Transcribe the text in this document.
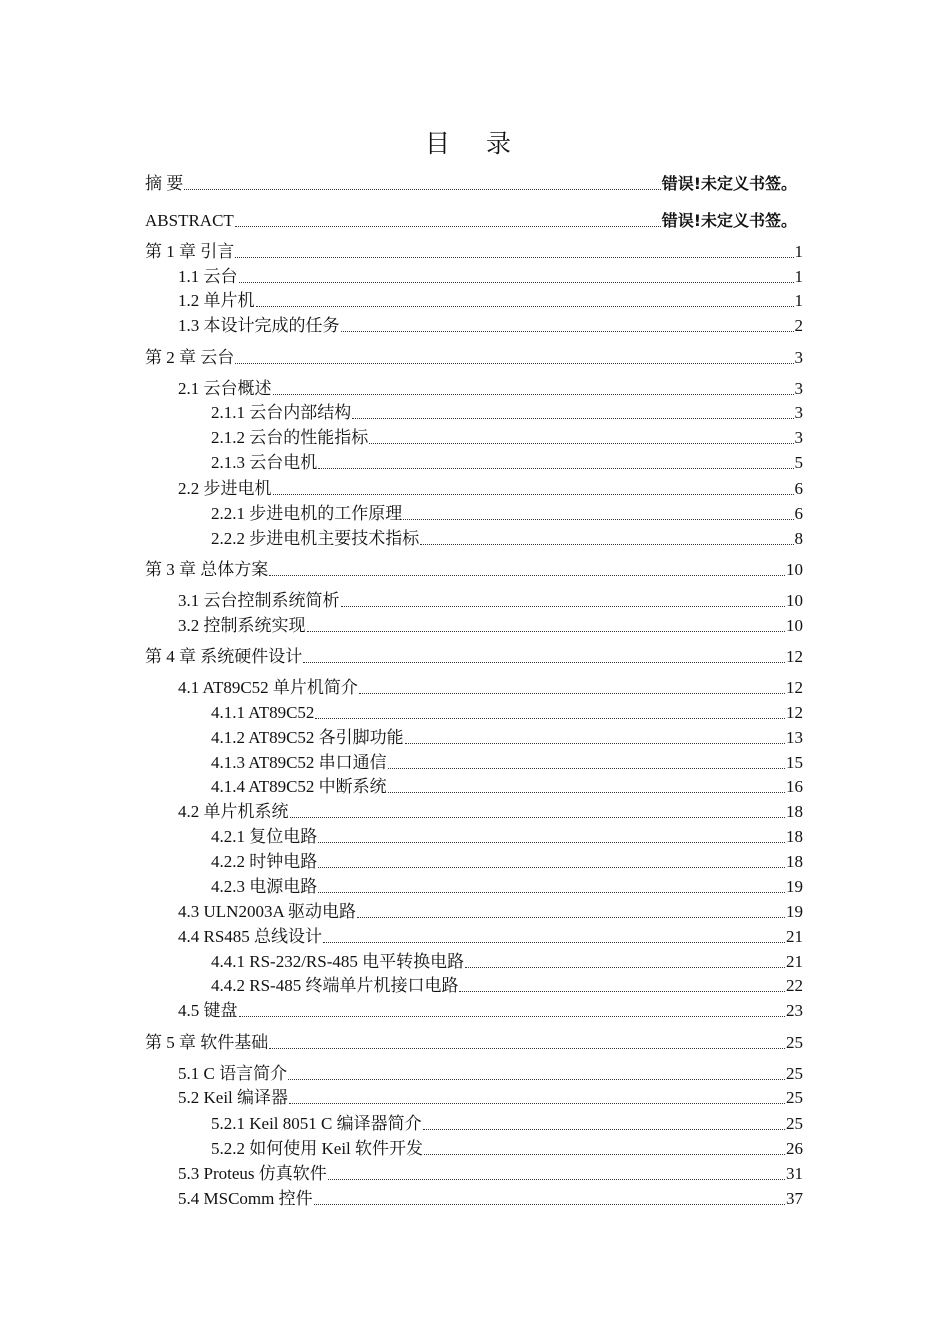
目 录
摘 要	错误!未定义书签。
ABSTRACT	错误!未定义书签。
第 1 章 引言	1
1.1 云台	1
1.2 单片机	1
1.3 本设计完成的任务	2
第 2 章 云台	3
2.1 云台概述	3
2.1.1 云台内部结构	3
2.1.2 云台的性能指标	3
2.1.3 云台电机	5
2.2 步进电机	6
2.2.1 步进电机的工作原理	6
2.2.2 步进电机主要技术指标	8
第 3 章 总体方案	10
3.1 云台控制系统简析	10
3.2 控制系统实现	10
第 4 章 系统硬件设计	12
4.1 AT89C52 单片机简介	12
4.1.1 AT89C52	12
4.1.2 AT89C52 各引脚功能	13
4.1.3 AT89C52 串口通信	15
4.1.4 AT89C52 中断系统	16
4.2 单片机系统	18
4.2.1 复位电路	18
4.2.2 时钟电路	18
4.2.3 电源电路	19
4.3 ULN2003A 驱动电路	19
4.4 RS485 总线设计	21
4.4.1 RS-232/RS-485 电平转换电路	21
4.4.2 RS-485 终端单片机接口电路	22
4.5 键盘	23
第 5 章 软件基础	25
5.1 C 语言简介	25
5.2 Keil 编译器	25
5.2.1 Keil 8051 C 编译器简介	25
5.2.2 如何使用 Keil 软件开发	26
5.3 Proteus 仿真软件	31
5.4 MSComm 控件	37
